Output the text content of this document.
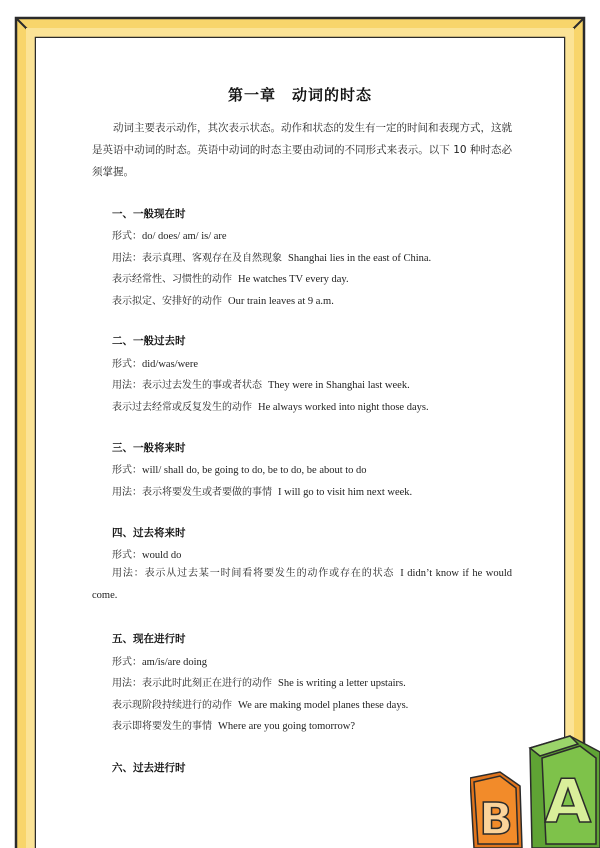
第一章　动词的时态
动词主要表示动作，其次表示状态。动作和状态的发生有一定的时间和表现方式，这就是英语中动词的时态。英语中动词的时态主要由动词的不同形式来表示。以下 10 种时态必须掌握。
一、一般现在时
形式：do/ does/ am/ is/ are
用法：表示真理、客观存在及自然现象 Shanghai lies in the east of China.
表示经常性、习惯性的动作 He watches TV every day.
表示拟定、安排好的动作 Our train leaves at 9 a.m.
二、一般过去时
形式：did/was/were
用法：表示过去发生的事或者状态 They were in Shanghai last week.
表示过去经常或反复发生的动作 He always worked into night those days.
三、一般将来时
形式：will/ shall do, be going to do, be to do, be about to do
用法：表示将要发生或者要做的事情 I will go to visit him next week.
四、过去将来时
形式：would do
用法：表示从过去某一时间看将要发生的动作或存在的状态 I didn’t know if he would come.
五、现在进行时
形式：am/is/are doing
用法：表示此时此刻正在进行的动作 She is writing a letter upstairs.
表示现阶段持续进行的动作 We are making model planes these days.
表示即将要发生的事情 Where are you going tomorrow?
六、过去进行时	A
B
